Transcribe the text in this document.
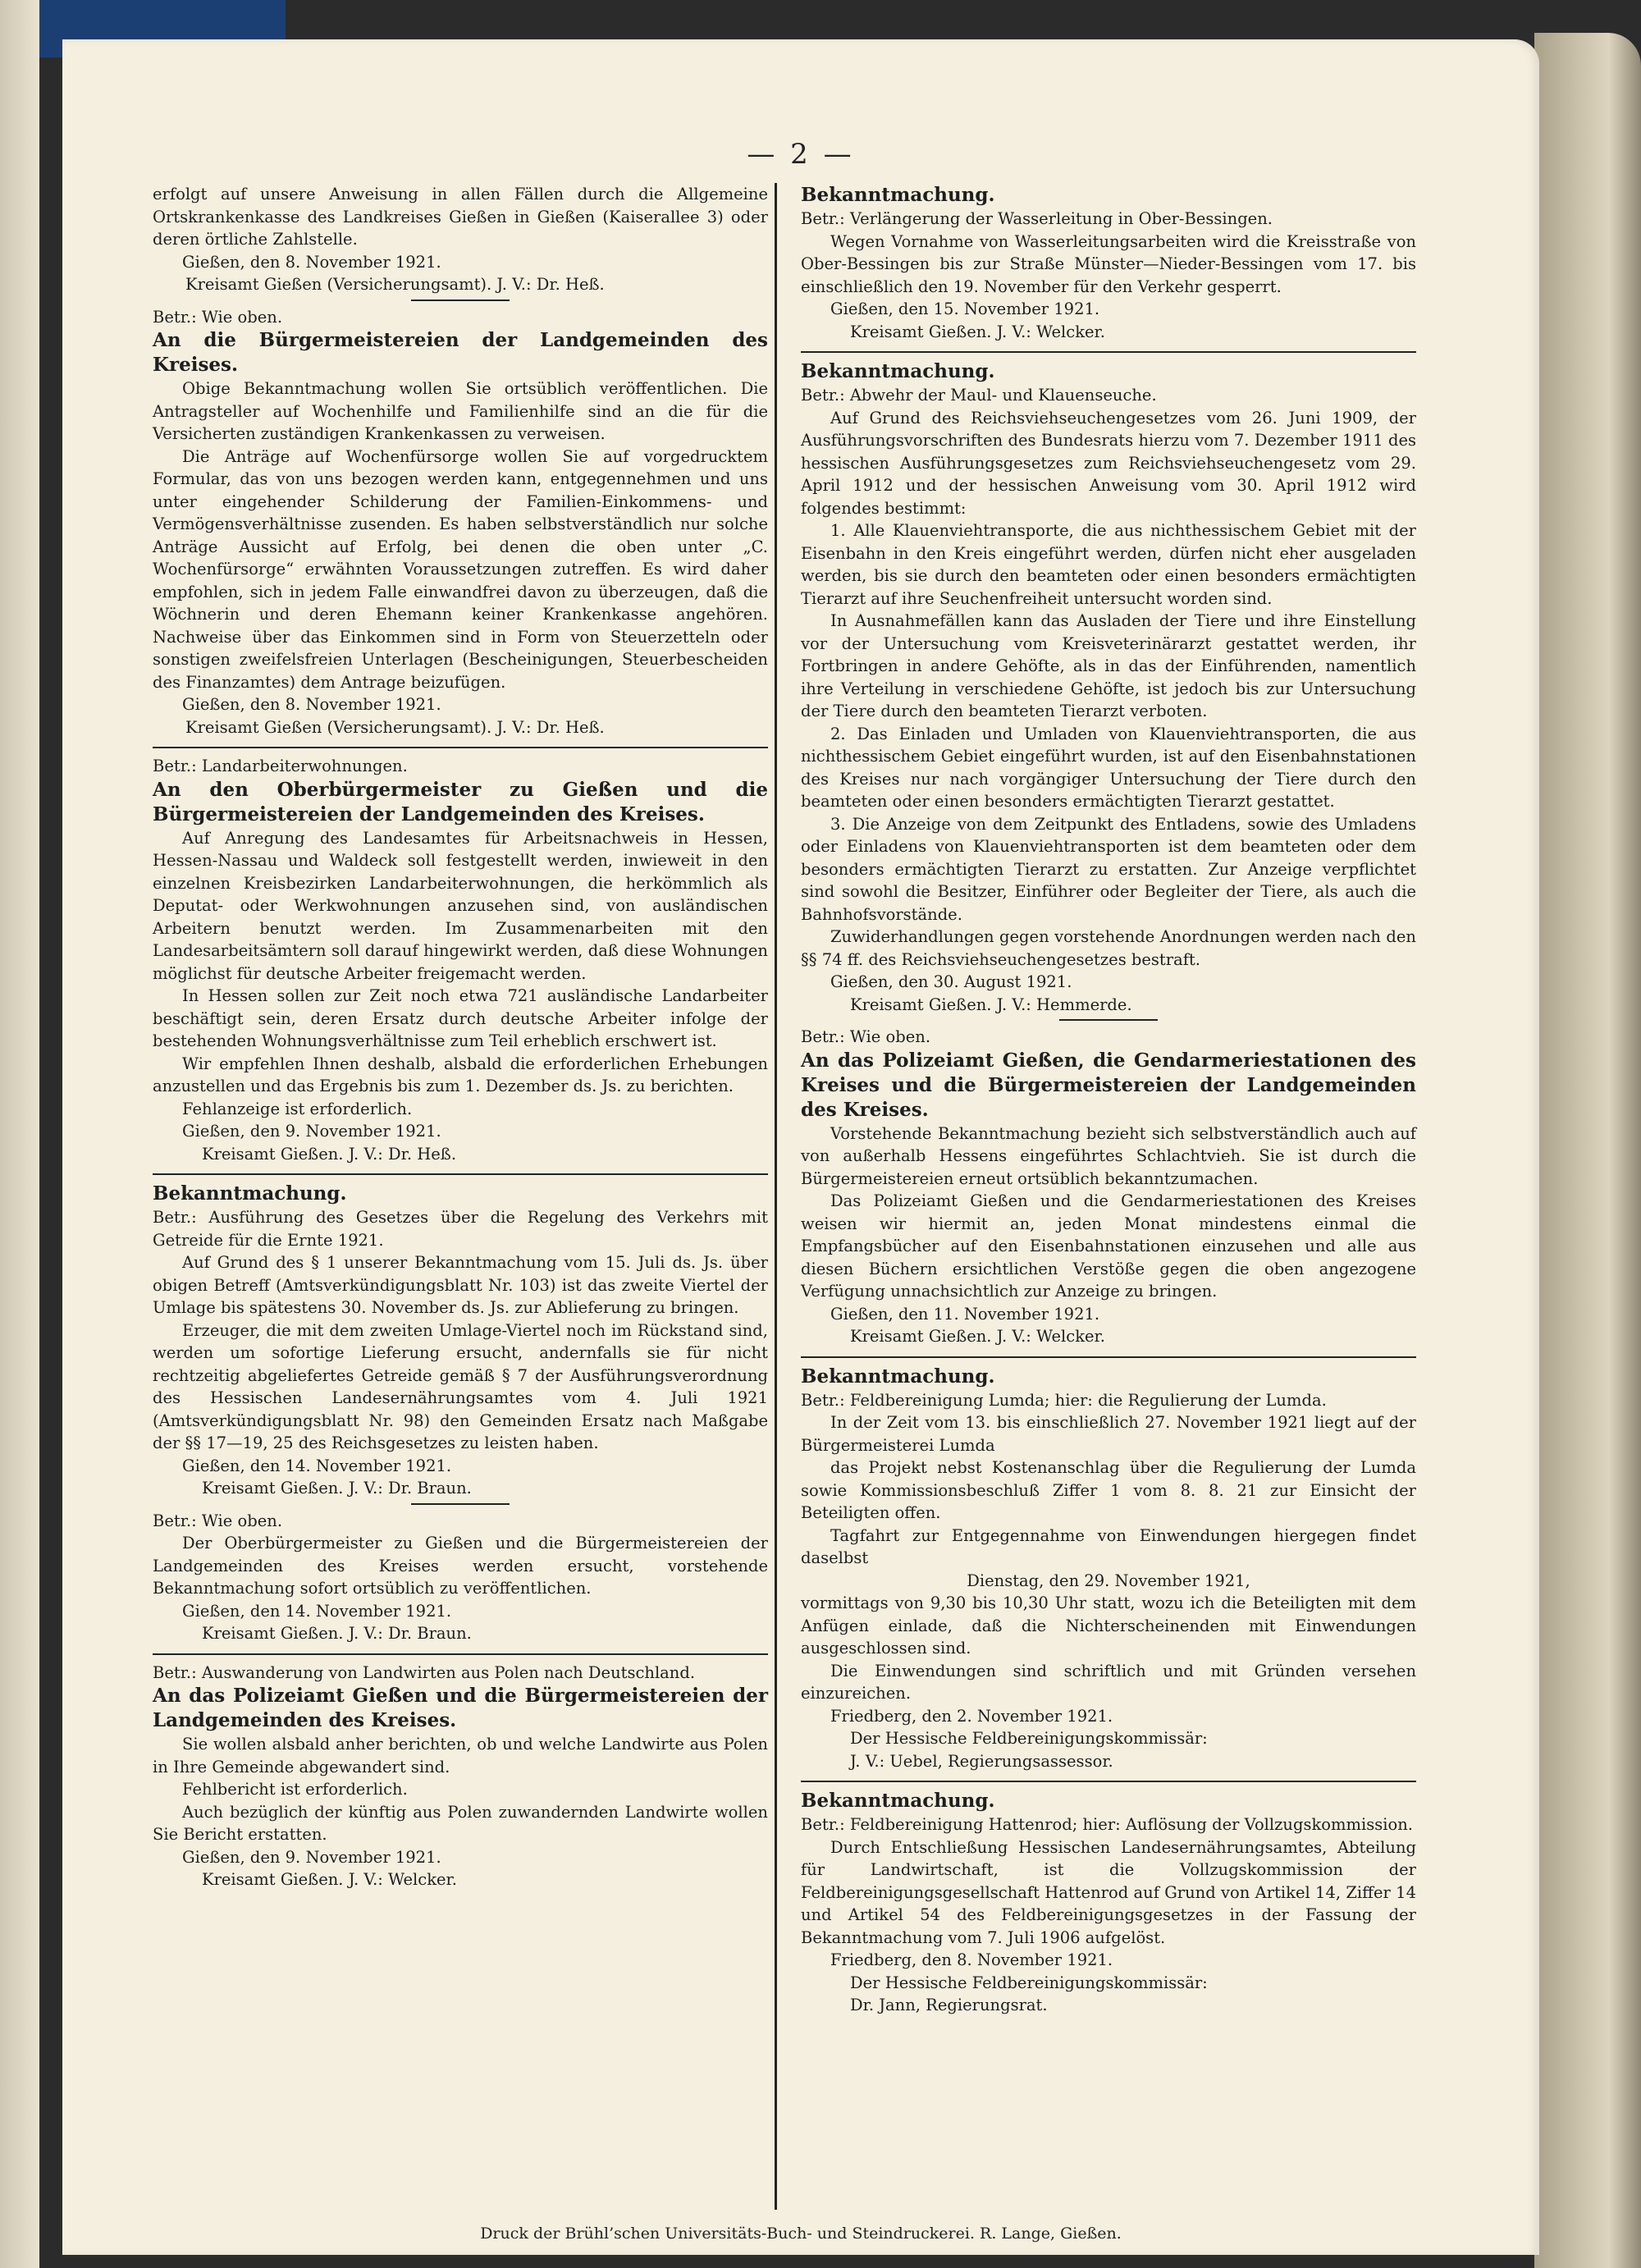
— 2 —

erfolgt auf unsere Anweisung in allen Fällen durch die Allgemeine Ortskrankenkasse des Landkreises Gießen in Gießen (Kaiserallee 3) oder deren örtliche Zahlstelle.

Gießen, den 8. November 1921.

Kreisamt Gießen (Versicherungsamt). J. V.: Dr. Heß.

Betr.: Wie oben.

An die Bürgermeistereien der Landgemeinden des Kreises.

Obige Bekanntmachung wollen Sie ortsüblich veröffentlichen. Die Antragsteller auf Wochenhilfe und Familienhilfe sind an die für die Versicherten zuständigen Krankenkassen zu verweisen.

Die Anträge auf Wochenfürsorge wollen Sie auf vorgedrucktem Formular, das von uns bezogen werden kann, entgegennehmen und uns unter eingehender Schilderung der Familien-Einkommens- und Vermögensverhältnisse zusenden. Es haben selbstverständlich nur solche Anträge Aussicht auf Erfolg, bei denen die oben unter „C. Wochenfürsorge“ erwähnten Voraussetzungen zutreffen. Es wird daher empfohlen, sich in jedem Falle einwandfrei davon zu überzeugen, daß die Wöchnerin und deren Ehemann keiner Krankenkasse angehören. Nachweise über das Einkommen sind in Form von Steuerzetteln oder sonstigen zweifelsfreien Unterlagen (Bescheinigungen, Steuerbescheiden des Finanzamtes) dem Antrage beizufügen.

Gießen, den 8. November 1921.

Kreisamt Gießen (Versicherungsamt). J. V.: Dr. Heß.

Betr.: Landarbeiterwohnungen.

An den Oberbürgermeister zu Gießen und die Bürgermeistereien der Landgemeinden des Kreises.

Auf Anregung des Landesamtes für Arbeitsnachweis in Hessen, Hessen-Nassau und Waldeck soll festgestellt werden, inwieweit in den einzelnen Kreisbezirken Landarbeiterwohnungen, die herkömmlich als Deputat- oder Werkwohnungen anzusehen sind, von ausländischen Arbeitern benutzt werden. Im Zusammenarbeiten mit den Landesarbeitsämtern soll darauf hingewirkt werden, daß diese Wohnungen möglichst für deutsche Arbeiter freigemacht werden.

In Hessen sollen zur Zeit noch etwa 721 ausländische Landarbeiter beschäftigt sein, deren Ersatz durch deutsche Arbeiter infolge der bestehenden Wohnungsverhältnisse zum Teil erheblich erschwert ist.

Wir empfehlen Ihnen deshalb, alsbald die erforderlichen Erhebungen anzustellen und das Ergebnis bis zum 1. Dezember ds. Js. zu berichten.

Fehlanzeige ist erforderlich.

Gießen, den 9. November 1921.

Kreisamt Gießen. J. V.: Dr. Heß.

Bekanntmachung.

Betr.: Ausführung des Gesetzes über die Regelung des Verkehrs mit Getreide für die Ernte 1921.

Auf Grund des § 1 unserer Bekanntmachung vom 15. Juli ds. Js. über obigen Betreff (Amtsverkündigungsblatt Nr. 103) ist das zweite Viertel der Umlage bis spätestens 30. November ds. Js. zur Ablieferung zu bringen.

Erzeuger, die mit dem zweiten Umlage-Viertel noch im Rückstand sind, werden um sofortige Lieferung ersucht, andernfalls sie für nicht rechtzeitig abgeliefertes Getreide gemäß § 7 der Ausführungsverordnung des Hessischen Landesernährungsamtes vom 4. Juli 1921 (Amtsverkündigungsblatt Nr. 98) den Gemeinden Ersatz nach Maßgabe der §§ 17—19, 25 des Reichsgesetzes zu leisten haben.

Gießen, den 14. November 1921.

Kreisamt Gießen. J. V.: Dr. Braun.

Betr.: Wie oben.

Der Oberbürgermeister zu Gießen und die Bürgermeistereien der Landgemeinden des Kreises werden ersucht, vorstehende Bekanntmachung sofort ortsüblich zu veröffentlichen.

Gießen, den 14. November 1921.

Kreisamt Gießen. J. V.: Dr. Braun.

Betr.: Auswanderung von Landwirten aus Polen nach Deutschland.

An das Polizeiamt Gießen und die Bürgermeistereien der Landgemeinden des Kreises.

Sie wollen alsbald anher berichten, ob und welche Landwirte aus Polen in Ihre Gemeinde abgewandert sind.

Fehlbericht ist erforderlich.

Auch bezüglich der künftig aus Polen zuwandernden Landwirte wollen Sie Bericht erstatten.

Gießen, den 9. November 1921.

Kreisamt Gießen. J. V.: Welcker.

Bekanntmachung.

Betr.: Verlängerung der Wasserleitung in Ober-Bessingen.

Wegen Vornahme von Wasserleitungsarbeiten wird die Kreisstraße von Ober-Bessingen bis zur Straße Münster—Nieder-Bessingen vom 17. bis einschließlich den 19. November für den Verkehr gesperrt.

Gießen, den 15. November 1921.

Kreisamt Gießen. J. V.: Welcker.

Bekanntmachung.

Betr.: Abwehr der Maul- und Klauenseuche.

Auf Grund des Reichsviehseuchengesetzes vom 26. Juni 1909, der Ausführungsvorschriften des Bundesrats hierzu vom 7. Dezember 1911 des hessischen Ausführungsgesetzes zum Reichsviehseuchengesetz vom 29. April 1912 und der hessischen Anweisung vom 30. April 1912 wird folgendes bestimmt:

1. Alle Klauenviehtransporte, die aus nichthessischem Gebiet mit der Eisenbahn in den Kreis eingeführt werden, dürfen nicht eher ausgeladen werden, bis sie durch den beamteten oder einen besonders ermächtigten Tierarzt auf ihre Seuchenfreiheit untersucht worden sind.

In Ausnahmefällen kann das Ausladen der Tiere und ihre Einstellung vor der Untersuchung vom Kreisveterinärarzt gestattet werden, ihr Fortbringen in andere Gehöfte, als in das der Einführenden, namentlich ihre Verteilung in verschiedene Gehöfte, ist jedoch bis zur Untersuchung der Tiere durch den beamteten Tierarzt verboten.

2. Das Einladen und Umladen von Klauenviehtransporten, die aus nichthessischem Gebiet eingeführt wurden, ist auf den Eisenbahnstationen des Kreises nur nach vorgängiger Untersuchung der Tiere durch den beamteten oder einen besonders ermächtigten Tierarzt gestattet.

3. Die Anzeige von dem Zeitpunkt des Entladens, sowie des Umladens oder Einladens von Klauenviehtransporten ist dem beamteten oder dem besonders ermächtigten Tierarzt zu erstatten. Zur Anzeige verpflichtet sind sowohl die Besitzer, Einführer oder Begleiter der Tiere, als auch die Bahnhofsvorstände.

Zuwiderhandlungen gegen vorstehende Anordnungen werden nach den §§ 74 ff. des Reichsviehseuchengesetzes bestraft.

Gießen, den 30. August 1921.

Kreisamt Gießen. J. V.: Hemmerde.

Betr.: Wie oben.

An das Polizeiamt Gießen, die Gendarmeriestationen des Kreises und die Bürgermeistereien der Landgemeinden des Kreises.

Vorstehende Bekanntmachung bezieht sich selbstverständlich auch auf von außerhalb Hessens eingeführtes Schlachtvieh. Sie ist durch die Bürgermeistereien erneut ortsüblich bekanntzumachen.

Das Polizeiamt Gießen und die Gendarmeriestationen des Kreises weisen wir hiermit an, jeden Monat mindestens einmal die Empfangsbücher auf den Eisenbahnstationen einzusehen und alle aus diesen Büchern ersichtlichen Verstöße gegen die oben angezogene Verfügung unnachsichtlich zur Anzeige zu bringen.

Gießen, den 11. November 1921.

Kreisamt Gießen. J. V.: Welcker.

Bekanntmachung.

Betr.: Feldbereinigung Lumda; hier: die Regulierung der Lumda.

In der Zeit vom 13. bis einschließlich 27. November 1921 liegt auf der Bürgermeisterei Lumda

das Projekt nebst Kostenanschlag über die Regulierung der Lumda sowie Kommissionsbeschluß Ziffer 1 vom 8. 8. 21 zur Einsicht der Beteiligten offen.

Tagfahrt zur Entgegennahme von Einwendungen hiergegen findet daselbst

Dienstag, den 29. November 1921,

vormittags von 9,30 bis 10,30 Uhr statt, wozu ich die Beteiligten mit dem Anfügen einlade, daß die Nichterscheinenden mit Einwendungen ausgeschlossen sind.

Die Einwendungen sind schriftlich und mit Gründen versehen einzureichen.

Friedberg, den 2. November 1921.

Der Hessische Feldbereinigungskommissär:

J. V.: Uebel, Regierungsassessor.

Bekanntmachung.

Betr.: Feldbereinigung Hattenrod; hier: Auflösung der Vollzugskommission.

Durch Entschließung Hessischen Landesernährungsamtes, Abteilung für Landwirtschaft, ist die Vollzugskommission der Feldbereinigungsgesellschaft Hattenrod auf Grund von Artikel 14, Ziffer 14 und Artikel 54 des Feldbereinigungsgesetzes in der Fassung der Bekanntmachung vom 7. Juli 1906 aufgelöst.

Friedberg, den 8. November 1921.

Der Hessische Feldbereinigungskommissär:

Dr. Jann, Regierungsrat.

Druck der Brühl’schen Universitäts-Buch- und Steindruckerei. R. Lange, Gießen.
